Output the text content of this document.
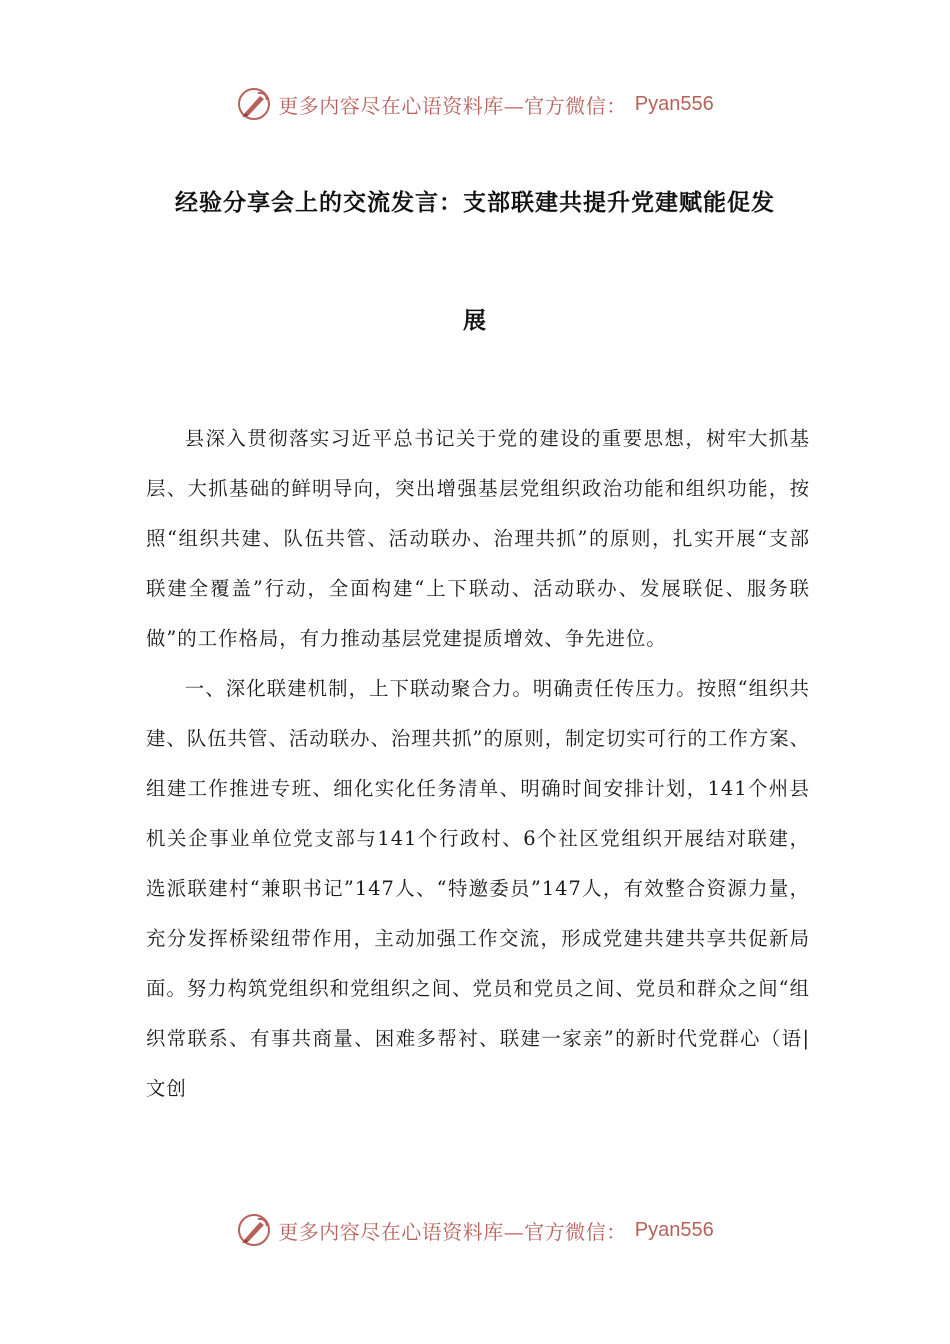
更多内容尽在心语资料库—官方微信： Pyan556
经验分享会上的交流发言：支部联建共提升党建赋能促发
展

县深入贯彻落实习近平总书记关于党的建设的重要思想，树牢大抓基层、大抓基础的鲜明导向，突出增强基层党组织政治功能和组织功能，按照“组织共建、队伍共管、活动联办、治理共抓”的原则，扎实开展“支部联建全覆盖”行动，全面构建“上下联动、活动联办、发展联促、服务联做”的工作格局，有力推动基层党建提质增效、争先进位。

一、深化联建机制，上下联动聚合力。明确责任传压力。按照“组织共建、队伍共管、活动联办、治理共抓”的原则，制定切实可行的工作方案、组建工作推进专班、细化实化任务清单、明确时间安排计划，141个州县机关企事业单位党支部与141个行政村、6个社区党组织开展结对联建，选派联建村“兼职书记”147人、“特邀委员”147人，有效整合资源力量，充分发挥桥梁纽带作用，主动加强工作交流，形成党建共建共享共促新局面。努力构筑党组织和党组织之间、党员和党员之间、党员和群众之间“组织常联系、有事共商量、困难多帮衬、联建一家亲”的新时代党群心（语|文创

更多内容尽在心语资料库—官方微信： Pyan556
